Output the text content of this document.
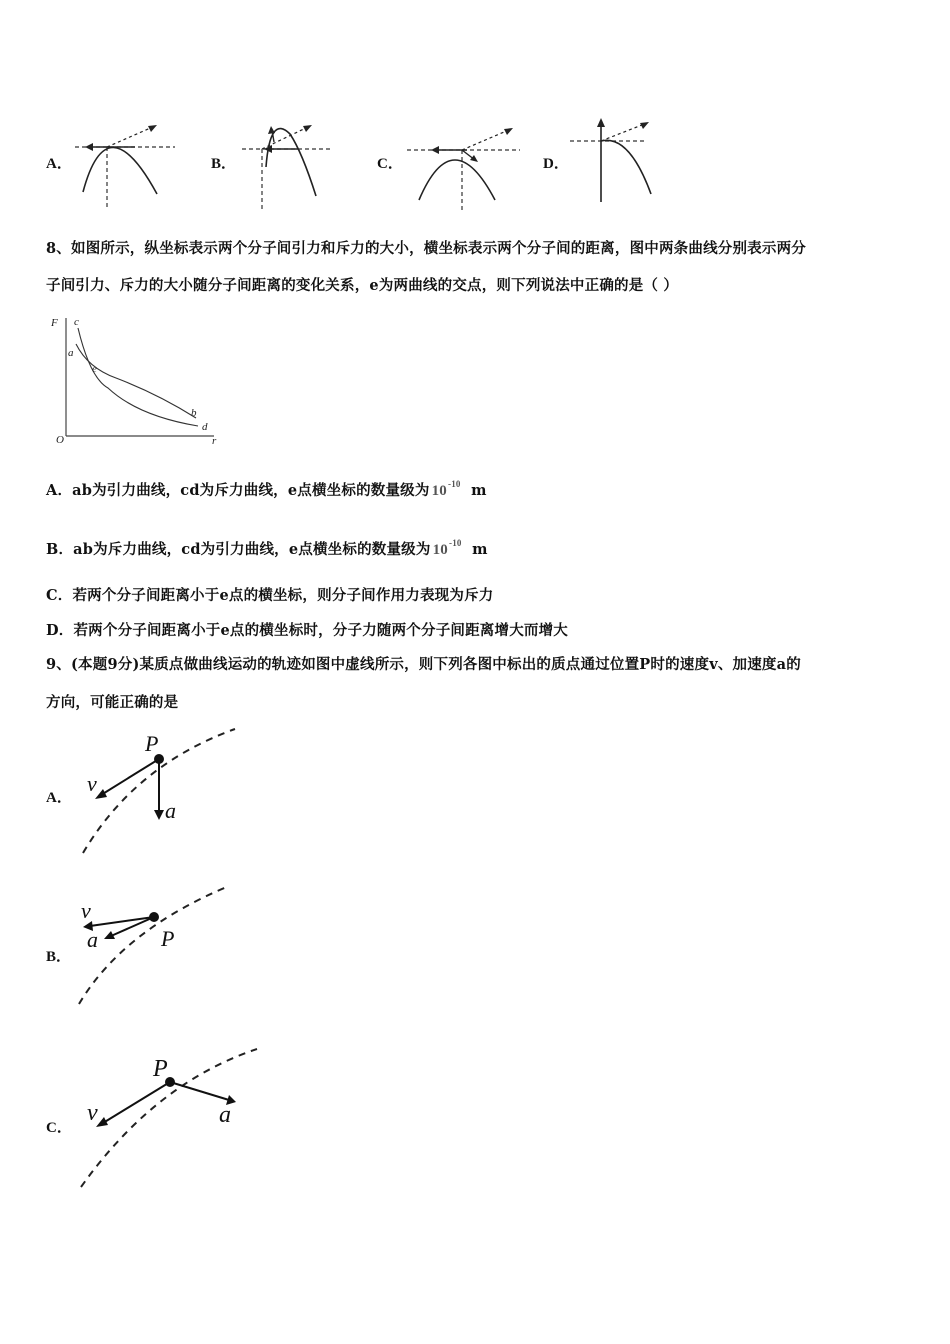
A．	B．	C．	D．
8、如图所示，纵坐标表示两个分子间引力和斥力的大小，横坐标表示两个分子间的距离，图中两条曲线分别表示两分
子间引力、斥力的大小随分子间距离的变化关系，e为两曲线的交点，则下列说法中正确的是（ ）
F
r
O
a
b
c
d
e
A．ab为引力曲线，cd为斥力曲线，e点横坐标的数量级为 $10^{-10}$ m
B．ab为斥力曲线，cd为引力曲线，e点横坐标的数量级为 $10^{-10}$ m
C．若两个分子间距离小于e点的横坐标，则分子间作用力表现为斥力
D．若两个分子间距离小于e点的横坐标时，分子力随两个分子间距离增大而增大
9、(本题9分)某质点做曲线运动的轨迹如图中虚线所示，则下列各图中标出的质点通过位置P时的速度v、加速度a的
方向，可能正确的是
A．
P
v
a
B．
P
v
a
C．
P
v	a
